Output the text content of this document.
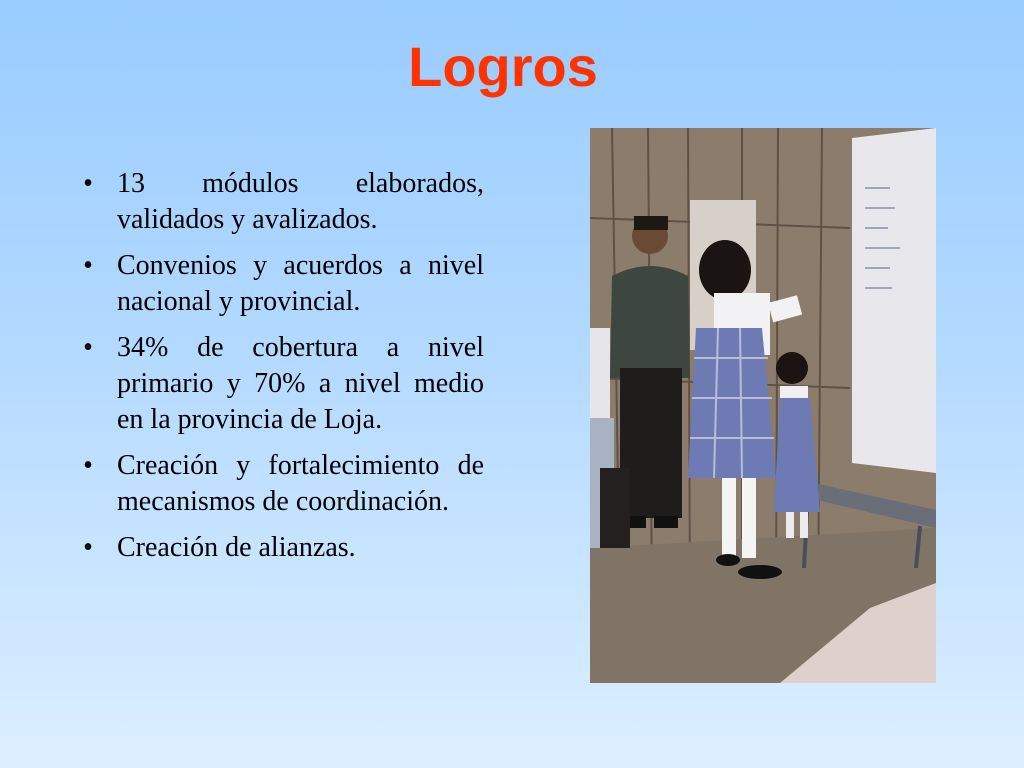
Logros
• 13 módulos elaborados, validados y avalizados.
• Convenios y acuerdos a nivel nacional y provincial.
• 34% de cobertura a nivel primario y 70% a nivel medio en la provincia de Loja.
• Creación y fortalecimiento de mecanismos de coordinación.
• Creación de alianzas.
